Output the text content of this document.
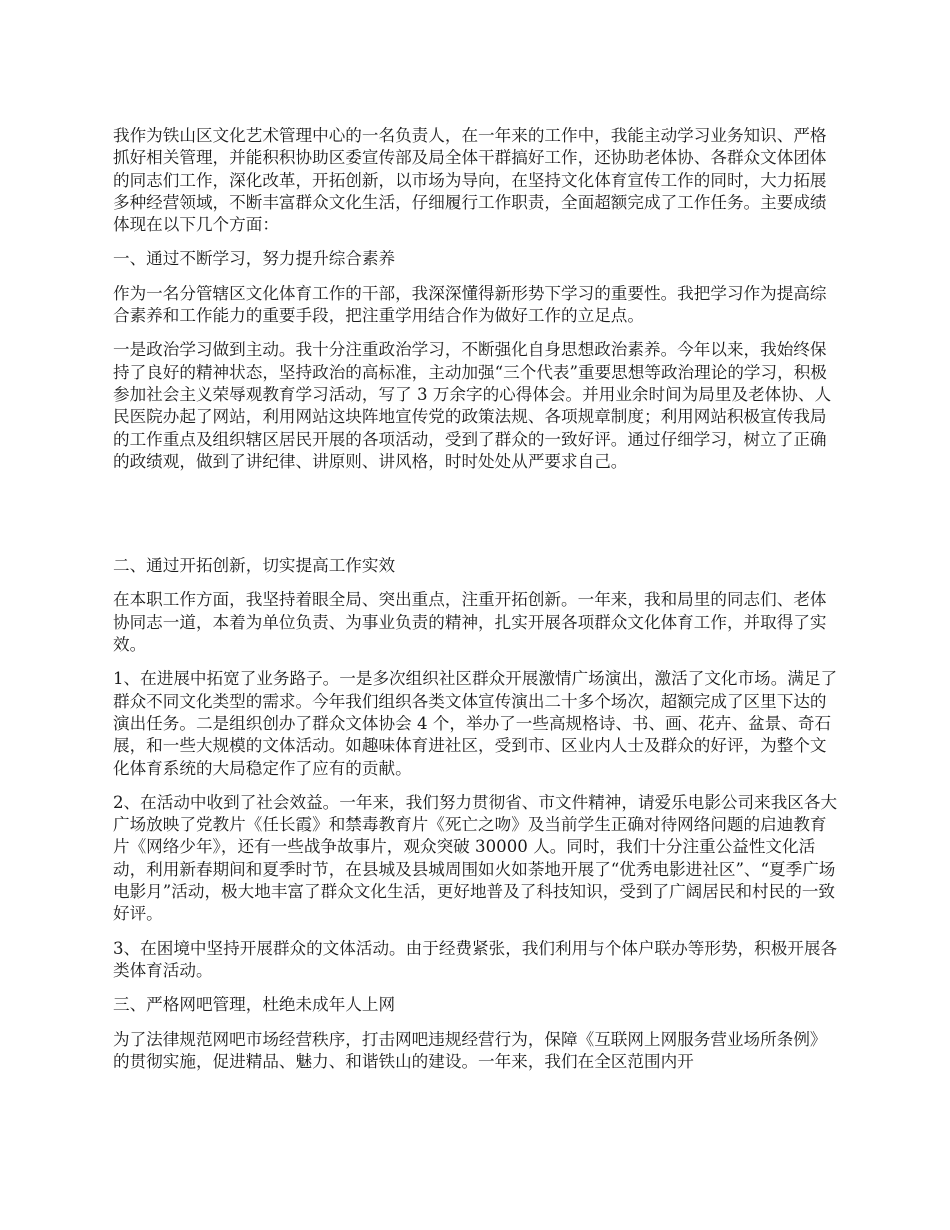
我作为铁山区文化艺术管理中心的一名负责人，在一年来的工作中，我能主动学习业务知识、严格抓好相关管理，并能积积协助区委宣传部及局全体干群搞好工作，还协助老体协、各群众文体团体的同志们工作，深化改革，开拓创新，以市场为导向，在坚持文化体育宣传工作的同时，大力拓展多种经营领域，不断丰富群众文化生活，仔细履行工作职责，全面超额完成了工作任务。主要成绩体现在以下几个方面：

一、通过不断学习，努力提升综合素养

作为一名分管辖区文化体育工作的干部，我深深懂得新形势下学习的重要性。我把学习作为提高综合素养和工作能力的重要手段，把注重学用结合作为做好工作的立足点。

一是政治学习做到主动。我十分注重政治学习，不断强化自身思想政治素养。今年以来，我始终保持了良好的精神状态，坚持政治的高标准，主动加强“三个代表”重要思想等政治理论的学习，积极参加社会主义荣辱观教育学习活动，写了 3 万余字的心得体会。并用业余时间为局里及老体协、人民医院办起了网站，利用网站这块阵地宣传党的政策法规、各项规章制度；利用网站积极宣传我局的工作重点及组织辖区居民开展的各项活动，受到了群众的一致好评。通过仔细学习，树立了正确的政绩观，做到了讲纪律、讲原则、讲风格，时时处处从严要求自己。

二、通过开拓创新，切实提高工作实效

在本职工作方面，我坚持着眼全局、突出重点，注重开拓创新。一年来，我和局里的同志们、老体协同志一道，本着为单位负责、为事业负责的精神，扎实开展各项群众文化体育工作，并取得了实效。

1、在进展中拓宽了业务路子。一是多次组织社区群众开展激情广场演出，激活了文化市场。满足了群众不同文化类型的需求。今年我们组织各类文体宣传演出二十多个场次，超额完成了区里下达的演出任务。二是组织创办了群众文体协会 4 个，举办了一些高规格诗、书、画、花卉、盆景、奇石展，和一些大规模的文体活动。如趣味体育进社区，受到市、区业内人士及群众的好评，为整个文化体育系统的大局稳定作了应有的贡献。

2、在活动中收到了社会效益。一年来，我们努力贯彻省、市文件精神，请爱乐电影公司来我区各大广场放映了党教片《任长霞》和禁毒教育片《死亡之吻》及当前学生正确对待网络问题的启迪教育片《网络少年》，还有一些战争故事片，观众突破 30000 人。同时，我们十分注重公益性文化活动，利用新春期间和夏季时节，在县城及县城周围如火如荼地开展了“优秀电影进社区”、“夏季广场电影月”活动，极大地丰富了群众文化生活，更好地普及了科技知识，受到了广阔居民和村民的一致好评。

3、在困境中坚持开展群众的文体活动。由于经费紧张，我们利用与个体户联办等形势，积极开展各类体育活动。

三、严格网吧管理，杜绝未成年人上网

为了法律规范网吧市场经营秩序，打击网吧违规经营行为，保障《互联网上网服务营业场所条例》的贯彻实施，促进精品、魅力、和谐铁山的建设。一年来，我们在全区范围内开
